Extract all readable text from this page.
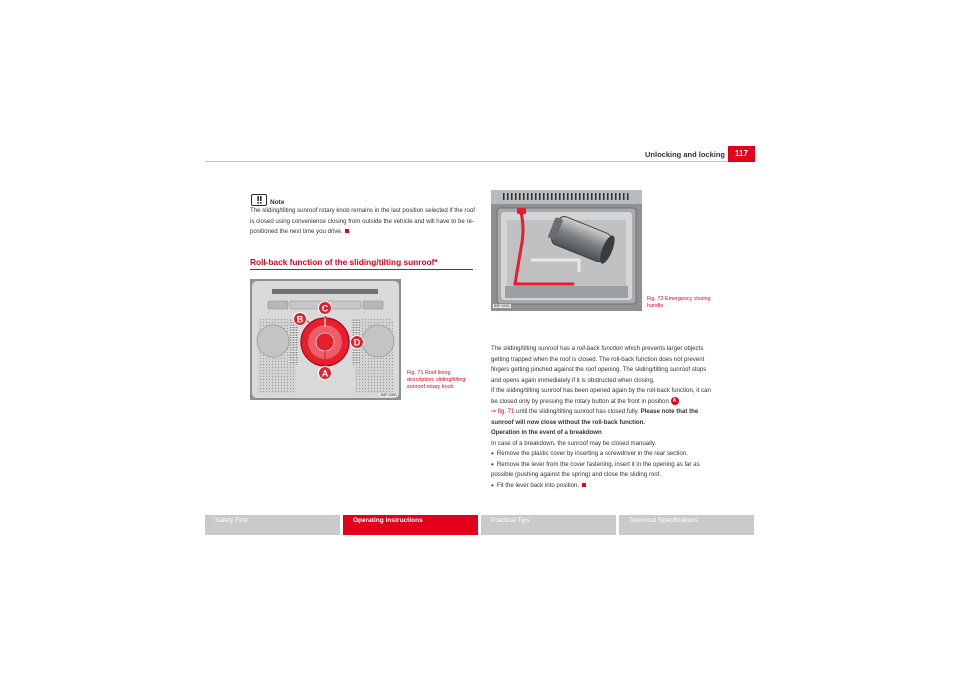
Unlocking and locking	117
Note
The sliding/tilting sunroof rotary knob remains in the last position selected if the roof is closed using convenience closing from outside the vehicle and will have to be re-positioned the next time you drive.
Roll-back function of the sliding/tilting sunroof*
A
B
C
D
B5P-0083
Fig. 71 Roof lining description: sliding/tilting sunroof rotary knob
B5P-0030
Fig. 72 Emergency closing handle

The sliding/tilting sunroof has a roll-back function which prevents larger objects getting trapped when the roof is closed. The roll-back function does not prevent fingers getting pinched against the roof opening. The sliding/tilting sunroof stops and opens again immediately if it is obstructed when closing.

If the sliding/tilting sunroof has been opened again by the roll-back function, it can be closed only by pressing the rotary button at the front in position A
⇒ fig. 71 until the sliding/tilting sunroof has closed fully. Please note that the sunroof will now close without the roll-back function.

Operation in the event of a breakdown

In case of a breakdown, the sunroof may be closed manually.

• Remove the plastic cover by inserting a screwdriver in the rear section.

• Remove the lever from the cover fastening, insert it in the opening as far as possible (pushing against the spring) and close the sliding roof.

• Fit the lever back into position.

Safety First	Operating Instructions	Practical Tips	Technical Specifications
